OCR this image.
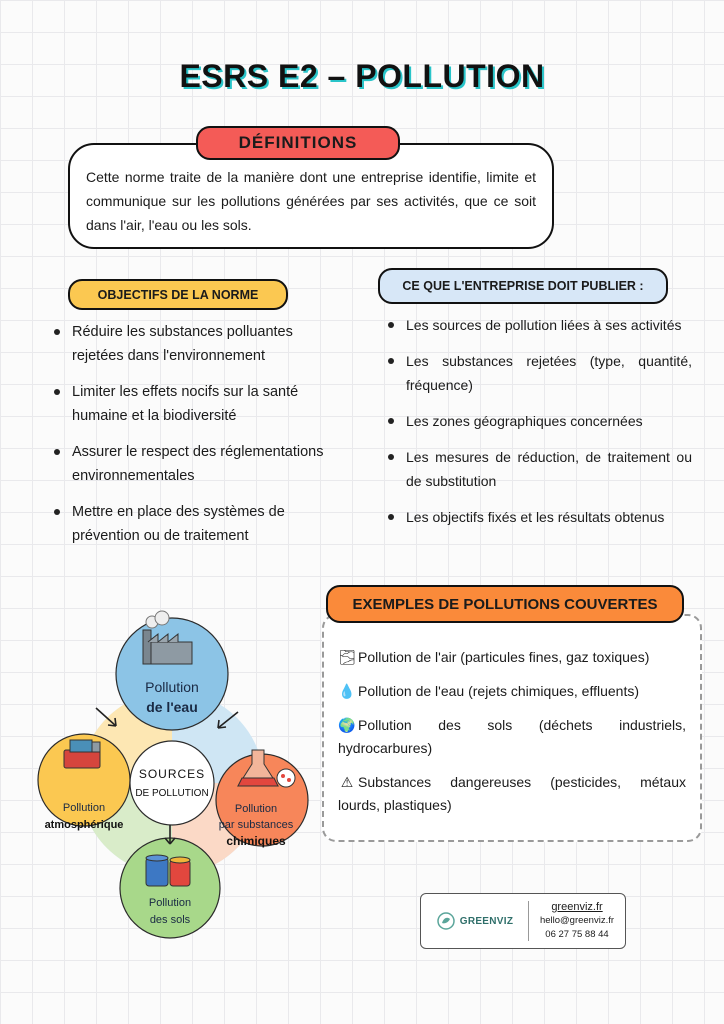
ESRS E2 – POLLUTION
DÉFINITIONS

Cette norme traite de la manière dont une entreprise identifie, limite et communique sur les pollutions générées par ses activités, que ce soit dans l'air, l'eau ou les sols.

OBJECTIFS DE LA NORME
Réduire les substances polluantes rejetées dans l'environnement
Limiter les effets nocifs sur la santé humaine et la biodiversité
Assurer le respect des réglementations environnementales
Mettre en place des systèmes de prévention ou de traitement
CE QUE L'ENTREPRISE DOIT PUBLIER :
Les sources de pollution liées à ses activités
Les substances rejetées (type, quantité, fréquence)
Les zones géographiques concernées
Les mesures de réduction, de traitement ou de substitution
Les objectifs fixés et les résultats obtenus
🌫 Pollution de l'air (particules fines, gaz toxiques)
💧 Pollution de l'eau (rejets chimiques, effluents)
🌍 Pollution des sols (déchets industriels, hydrocarbures)
⚠ Substances dangereuses (pesticides, métaux lourds, plastiques)
EXEMPLES DE POLLUTIONS COUVERTES
Pollution
de l'eau
Pollution
atmosphérique
Pollution
par substances
chimiques
Pollution
des sols
SOURCES
DE POLLUTION
GREENVIZ
greenviz.fr
hello@greenviz.fr
06 27 75 88 44
